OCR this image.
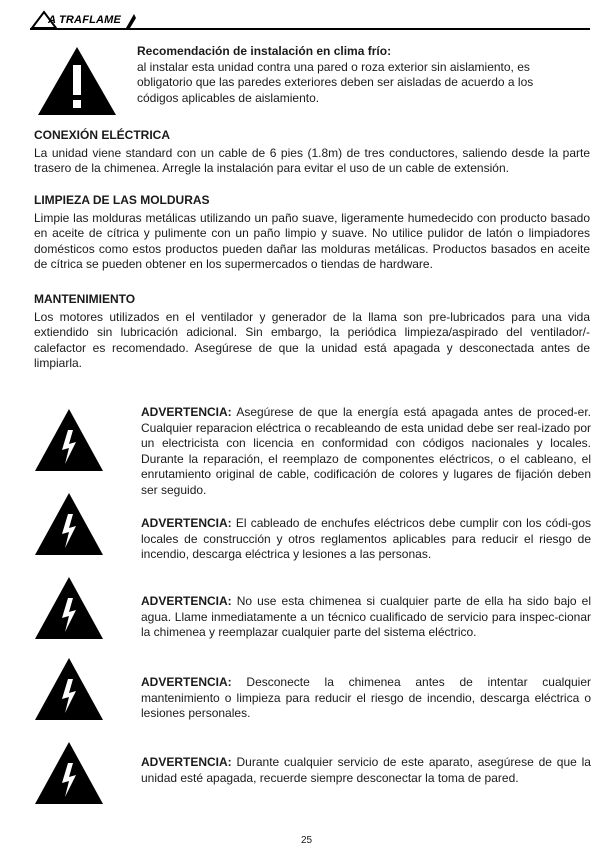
A TRAFLAME
Recomendación de instalación en clima frío:
al instalar esta unidad contra una pared o roza exterior sin aislamiento, es obligatorio que las paredes exteriores deben ser aisladas de acuerdo a los códigos aplicables de aislamiento.
CONEXIÓN ELÉCTRICA

La unidad viene standard con un cable de 6 pies (1.8m) de tres conductores, saliendo desde la parte trasero de la chimenea. Arregle la instalación para evitar el uso de un cable de extensión.

LIMPIEZA DE LAS MOLDURAS

Limpie las molduras metálicas utilizando un paño suave, ligeramente humedecido con producto basado en aceite de cítrica y pulimente con un paño limpio y suave. No utilice pulidor de latón o limpiadores domésticos como estos productos pueden dañar las molduras metálicas. Productos basados en aceite de cítrica se pueden obtener en los supermercados o tiendas de hardware.

MANTENIMIENTO

Los motores utilizados en el ventilador y generador de la llama son pre-lubricados para una vida extiendido sin lubricación adicional. Sin embargo, la periódica limpieza/aspirado del ventilador/-calefactor es recomendado. Asegúrese de que la unidad está apagada y desconectada antes de limpiarla.

ADVERTENCIA: Asegúrese de que la energía está apagada antes de proced-er. Cualquier reparacion eléctrica o recableando de esta unidad debe ser real-izado por un electricista con licencia en conformidad con códigos nacionales y locales. Durante la reparación, el reemplazo de componentes eléctricos, o el cableano, el enrutamiento original de cable, codificación de colores y lugares de fijación deben ser seguido.
ADVERTENCIA: El cableado de enchufes eléctricos debe cumplir con los códi-gos locales de construcción y otros reglamentos aplicables para reducir el riesgo de incendio, descarga eléctrica y lesiones a las personas.
ADVERTENCIA: No use esta chimenea si cualquier parte de ella ha sido bajo el agua. Llame inmediatamente a un técnico cualificado de servicio para inspec-cionar la chimenea y reemplazar cualquier parte del sistema eléctrico.
ADVERTENCIA: Desconecte la chimenea antes de intentar cualquier mantenimiento o limpieza para reducir el riesgo de incendio, descarga eléctrica o lesiones personales.
ADVERTENCIA: Durante cualquier servicio de este aparato, asegúrese de que la unidad esté apagada, recuerde siempre desconectar la toma de pared.
25
